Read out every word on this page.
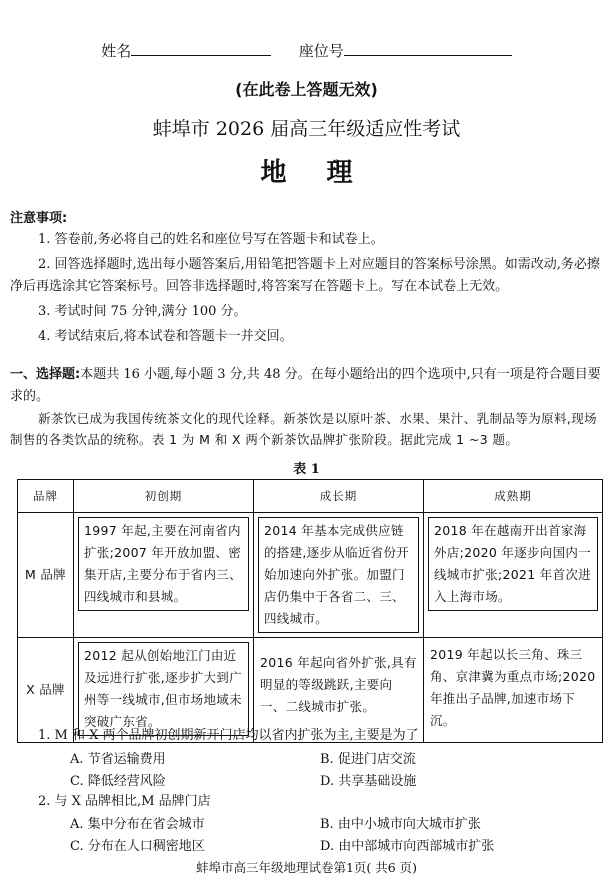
姓名	座位号
(在此卷上答题无效)
蚌埠市 2026 届高三年级适应性考试
地理
注意事项:

1. 答卷前,务必将自己的姓名和座位号写在答题卡和试卷上。

2. 回答选择题时,选出每小题答案后,用铅笔把答题卡上对应题目的答案标号涂黑。如需改动,务必擦净后再选涂其它答案标号。回答非选择题时,将答案写在答题卡上。写在本试卷上无效。

3. 考试时间 75 分钟,满分 100 分。

4. 考试结束后,将本试卷和答题卡一并交回。

一、选择题:本题共 16 小题,每小题 3 分,共 48 分。在每小题给出的四个选项中,只有一项是符合题目要求的。

新茶饮已成为我国传统茶文化的现代诠释。新茶饮是以原叶茶、水果、果汁、乳制品等为原料,现场制售的各类饮品的统称。表 1 为 M 和 X 两个新茶饮品牌扩张阶段。据此完成 1 ~3 题。

表 1
品牌	初创期	成长期	成熟期
M 品牌	1997 年起,主要在河南省内扩张;2007 年开放加盟、密集开店,主要分布于省内三、四线城市和县城。	2014 年基本完成供应链的搭建,逐步从临近省份开始加速向外扩张。加盟门店仍集中于各省二、三、四线城市。	2018 年在越南开出首家海外店;2020 年逐步向国内一线城市扩张;2021 年首次进入上海市场。

X 品牌	2012 起从创始地江门由近及远进行扩张,逐步扩大到广州等一线城市,但市场地域未突破广东省。	2016 年起向省外扩张,具有明显的等级跳跃,主要向一、二线城市扩张。	2019 年起以长三角、珠三角、京津冀为重点市场;2020 年推出子品牌,加速市场下沉。
1. M 和 X 两个品牌初创期新开门店均以省内扩张为主,主要是为了
A. 节省运输费用	B. 促进门店交流
C. 降低经营风险	D. 共享基础设施
2. 与 X 品牌相比,M 品牌门店
A. 集中分布在省会城市	B. 由中小城市向大城市扩张
C. 分布在人口稠密地区	D. 由中部城市向西部城市扩张
蚌埠市高三年级地理试卷第1页( 共6 页)
